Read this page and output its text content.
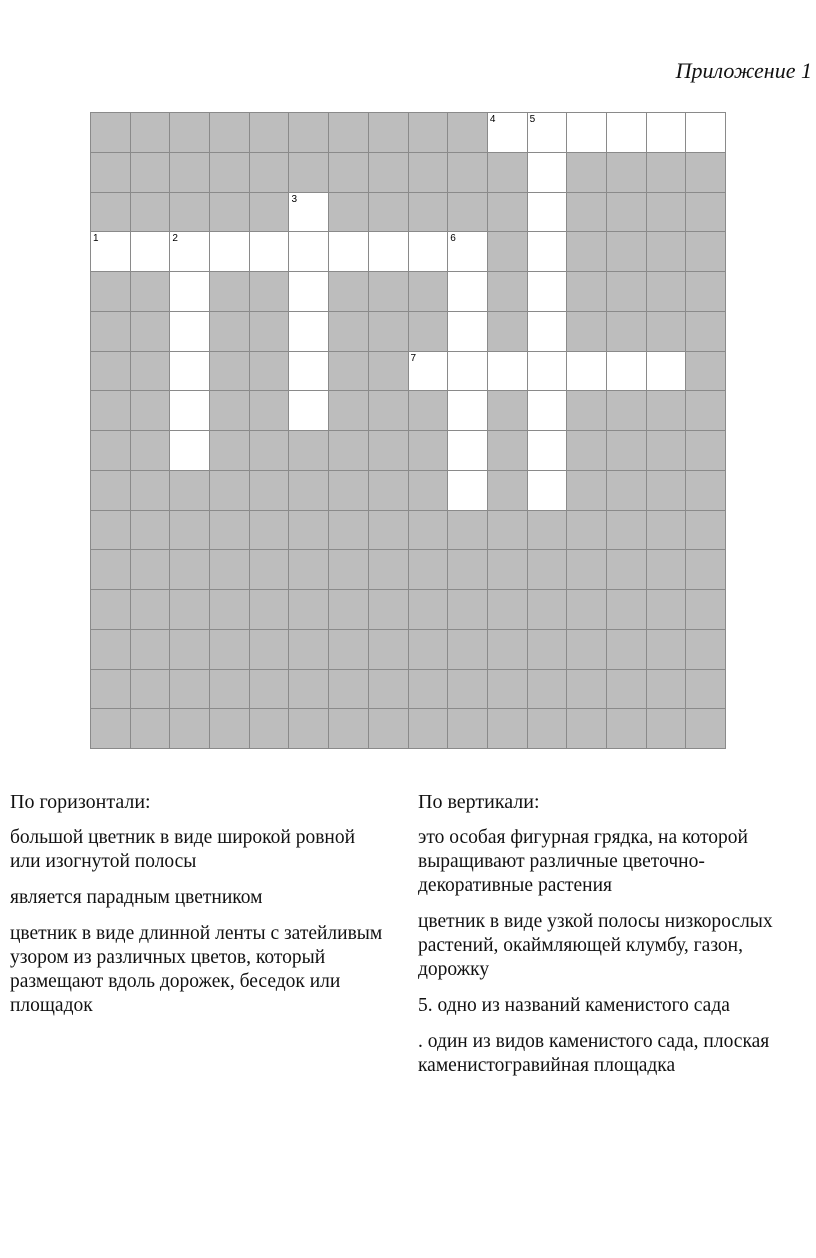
Приложение 1
4	5
3
1	2	6
7
По горизонтали:

большой цветник в виде широкой ровной или изогнутой полосы

является парадным цветником

цветник в виде длинной ленты с затейливым узором из различных цветов, который размещают вдоль дорожек, беседок или площадок

По вертикали:

это особая фигурная грядка, на которой выращивают различные цветочно-декоративные растения

цветник в виде узкой полосы низкорослых растений, окаймляющей клумбу, газон, дорожку

5. одно из названий каменистого сада

. один из видов каменистого сада, плоская каменистогравийная площадка
